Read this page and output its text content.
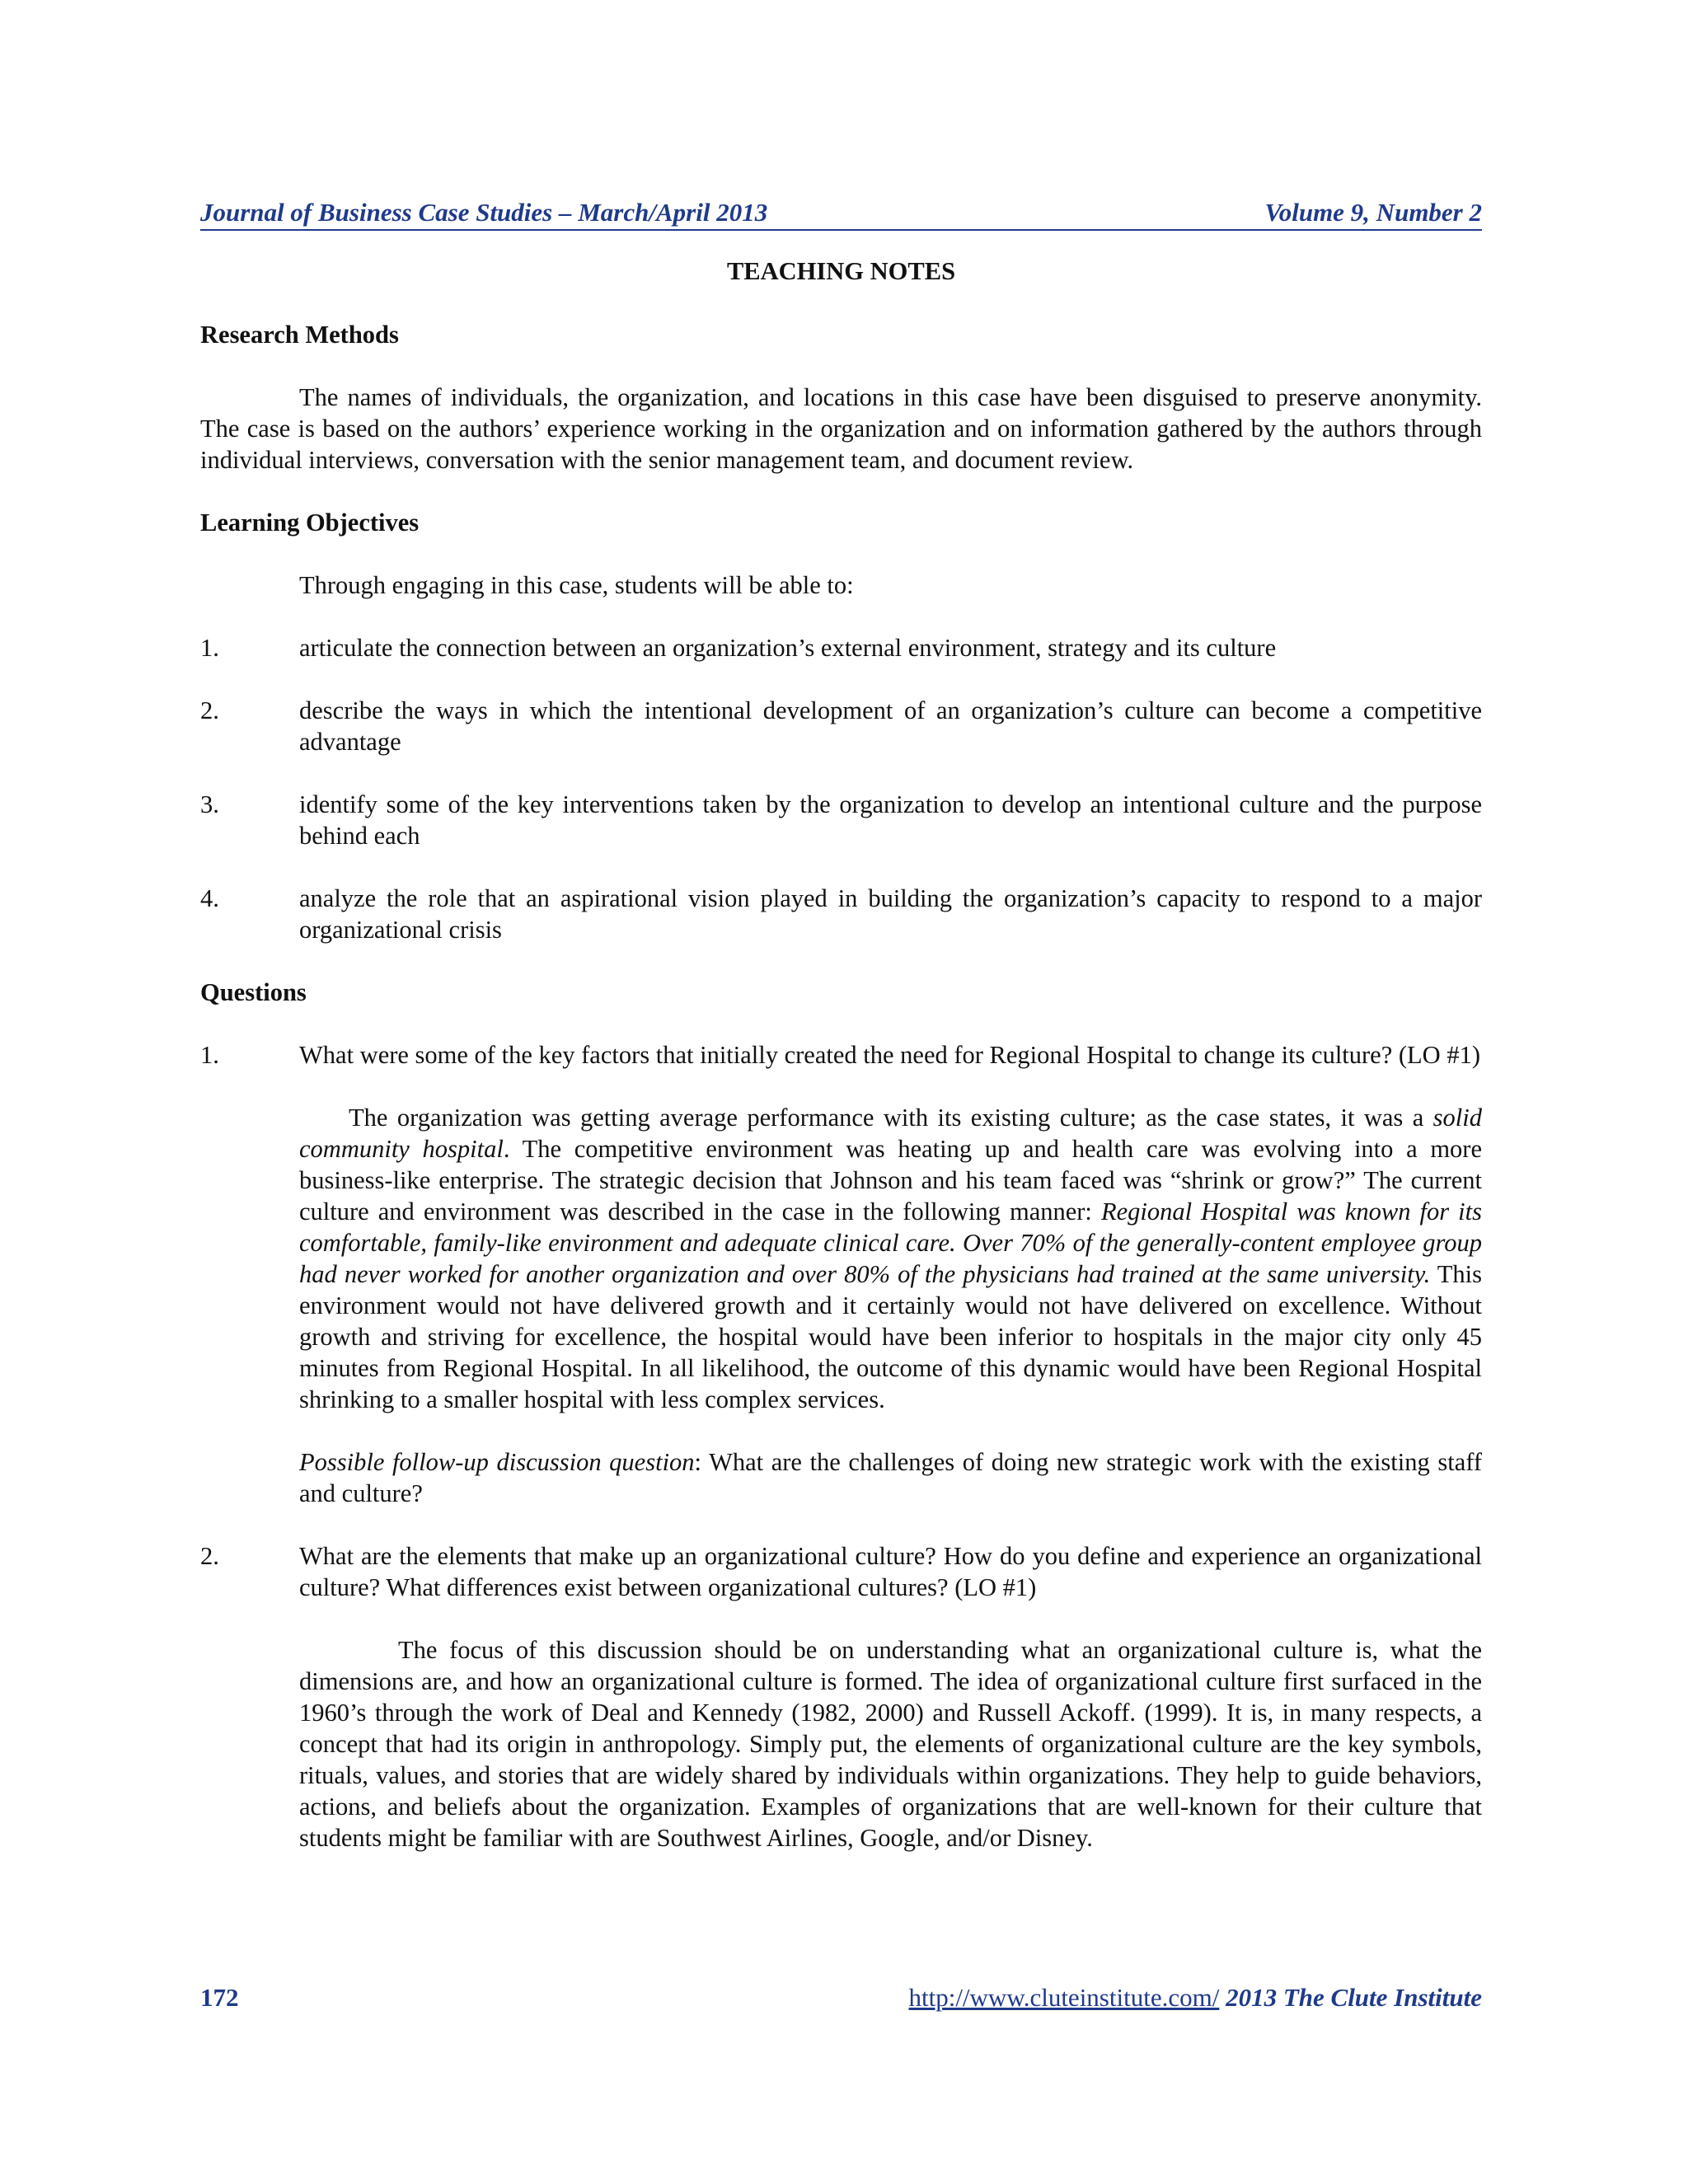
Journal of Business Case Studies – March/April 2013	Volume 9, Number 2
TEACHING NOTES
Research Methods

The names of individuals, the organization, and locations in this case have been disguised to preserve anonymity. The case is based on the authors’ experience working in the organization and on information gathered by the authors through individual interviews, conversation with the senior management team, and document review.

Learning Objectives

Through engaging in this case, students will be able to:

1.	articulate the connection between an organization’s external environment, strategy and its culture
2.	describe the ways in which the intentional development of an organization’s culture can become a competitive advantage
3.	identify some of the key interventions taken by the organization to develop an intentional culture and the purpose behind each
4.	analyze the role that an aspirational vision played in building the organization’s capacity to respond to a major organizational crisis
Questions
1.	What were some of the key factors that initially created the need for Regional Hospital to change its culture? (LO #1)

The organization was getting average performance with its existing culture; as the case states, it was a solid community hospital. The competitive environment was heating up and health care was evolving into a more business-like enterprise. The strategic decision that Johnson and his team faced was “shrink or grow?” The current culture and environment was described in the case in the following manner: Regional Hospital was known for its comfortable, family-like environment and adequate clinical care. Over 70% of the generally-content employee group had never worked for another organization and over 80% of the physicians had trained at the same university. This environment would not have delivered growth and it certainly would not have delivered on excellence. Without growth and striving for excellence, the hospital would have been inferior to hospitals in the major city only 45 minutes from Regional Hospital. In all likelihood, the outcome of this dynamic would have been Regional Hospital shrinking to a smaller hospital with less complex services.

Possible follow-up discussion question: What are the challenges of doing new strategic work with the existing staff and culture?

2.	What are the elements that make up an organizational culture? How do you define and experience an organizational culture? What differences exist between organizational cultures? (LO #1)

The focus of this discussion should be on understanding what an organizational culture is, what the dimensions are, and how an organizational culture is formed. The idea of organizational culture first surfaced in the 1960’s through the work of Deal and Kennedy (1982, 2000) and Russell Ackoff. (1999). It is, in many respects, a concept that had its origin in anthropology. Simply put, the elements of organizational culture are the key symbols, rituals, values, and stories that are widely shared by individuals within organizations. They help to guide behaviors, actions, and beliefs about the organization. Examples of organizations that are well-known for their culture that students might be familiar with are Southwest Airlines, Google, and/or Disney.

172	http://www.cluteinstitute.com/ 2013 The Clute Institute
